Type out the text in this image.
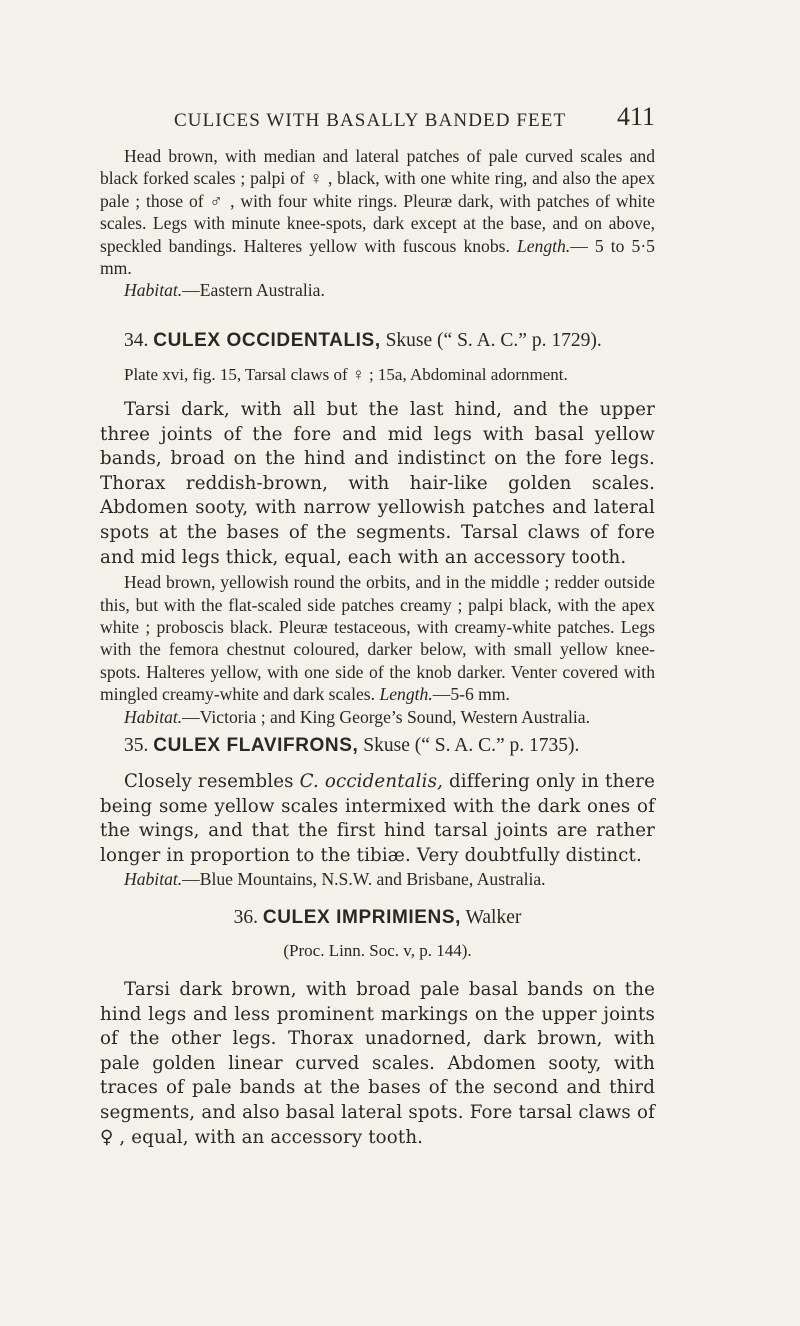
CULICES WITH BASALLY BANDED FEET 411

Head brown, with median and lateral patches of pale curved scales and black forked scales ; palpi of ♀ , black, with one white ring, and also the apex pale ; those of ♂ , with four white rings. Pleuræ dark, with patches of white scales. Legs with minute knee-spots, dark except at the base, and on above, speckled bandings. Halteres yellow with fuscous knobs. Length.— 5 to 5·5 mm.

Habitat.—Eastern Australia.

34. CULEX OCCIDENTALIS, Skuse (“ S. A. C.” p. 1729).
Plate xvi, fig. 15, Tarsal claws of ♀ ; 15a, Abdominal adornment.

Tarsi dark, with all but the last hind, and the upper three joints of the fore and mid legs with basal yellow bands, broad on the hind and indistinct on the fore legs. Thorax reddish-brown, with hair-like golden scales. Abdomen sooty, with narrow yellowish patches and lateral spots at the bases of the segments. Tarsal claws of fore and mid legs thick, equal, each with an accessory tooth.

Head brown, yellowish round the orbits, and in the middle ; redder outside this, but with the flat-scaled side patches creamy ; palpi black, with the apex white ; proboscis black. Pleuræ testaceous, with creamy-white patches. Legs with the femora chestnut coloured, darker below, with small yellow knee-spots. Halteres yellow, with one side of the knob darker. Venter covered with mingled creamy-white and dark scales. Length.—5-6 mm.

Habitat.—Victoria ; and King George’s Sound, Western Australia.

35. CULEX FLAVIFRONS, Skuse (“ S. A. C.” p. 1735).

Closely resembles C. occidentalis, differing only in there being some yellow scales intermixed with the dark ones of the wings, and that the first hind tarsal joints are rather longer in proportion to the tibiæ. Very doubtfully distinct.

Habitat.—Blue Mountains, N.S.W. and Brisbane, Australia.

36. CULEX IMPRIMIENS, Walker
(Proc. Linn. Soc. v, p. 144).

Tarsi dark brown, with broad pale basal bands on the hind legs and less prominent markings on the upper joints of the other legs. Thorax unadorned, dark brown, with pale golden linear curved scales. Abdomen sooty, with traces of pale bands at the bases of the second and third segments, and also basal lateral spots. Fore tarsal claws of ♀ , equal, with an accessory tooth.
